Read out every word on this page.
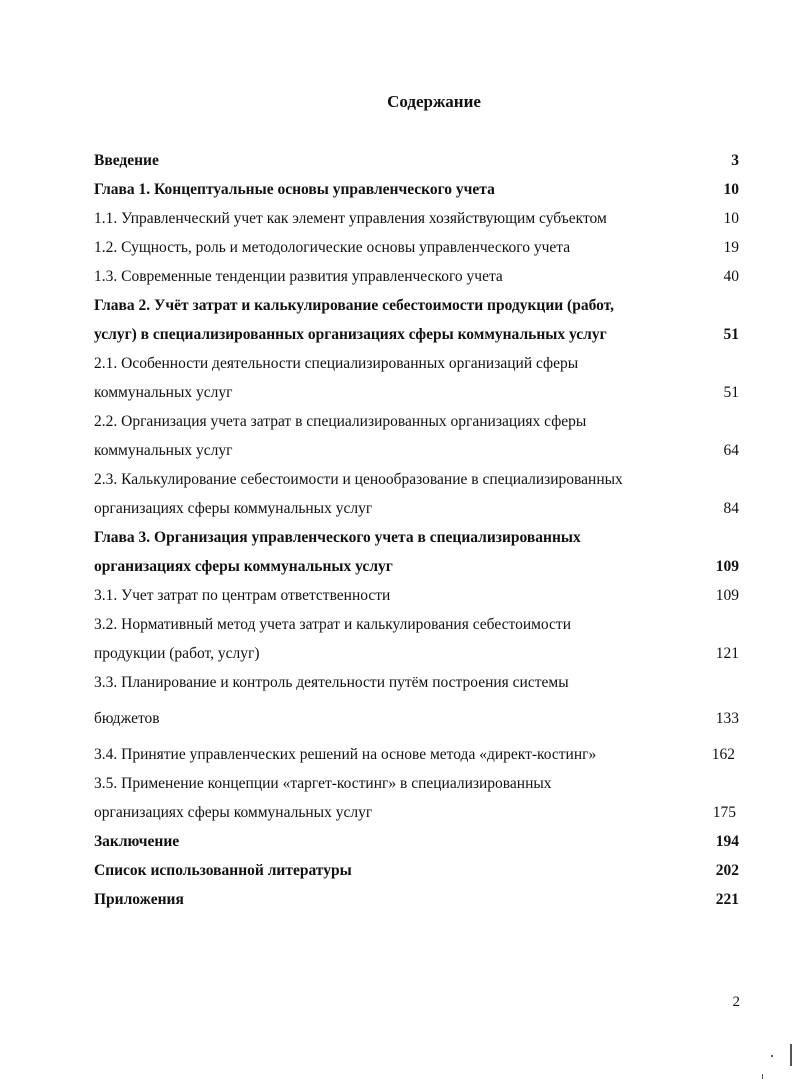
Содержание
Введение	3
Глава 1. Концептуальные основы управленческого учета	10
1.1. Управленческий учет как элемент управления хозяйствующим субъектом	10
1.2. Сущность, роль и методологические основы управленческого учета	19
1.3. Современные тенденции развития управленческого учета	40
Глава 2. Учёт затрат и калькулирование себестоимости продукции (работ,
услуг) в специализированных организациях сферы коммунальных услуг	51
2.1. Особенности деятельности специализированных организаций сферы
коммунальных услуг	51
2.2. Организация учета затрат в специализированных организациях сферы
коммунальных услуг	64
2.3. Калькулирование себестоимости и ценообразование в специализированных
организациях сферы коммунальных услуг	84
Глава 3. Организация управленческого учета в специализированных
организациях сферы коммунальных услуг	109
3.1. Учет затрат по центрам ответственности	109
3.2. Нормативный метод учета затрат и калькулирования себестоимости
продукции (работ, услуг)	121
3.3. Планирование и контроль деятельности путём построения системы
бюджетов	133
3.4. Принятие управленческих решений на основе метода «директ-костинг»	162
3.5. Применение концепции «таргет-костинг» в специализированных
организациях сферы коммунальных услуг	175
Заключение	194
Список использованной литературы	202
Приложения	221
2
